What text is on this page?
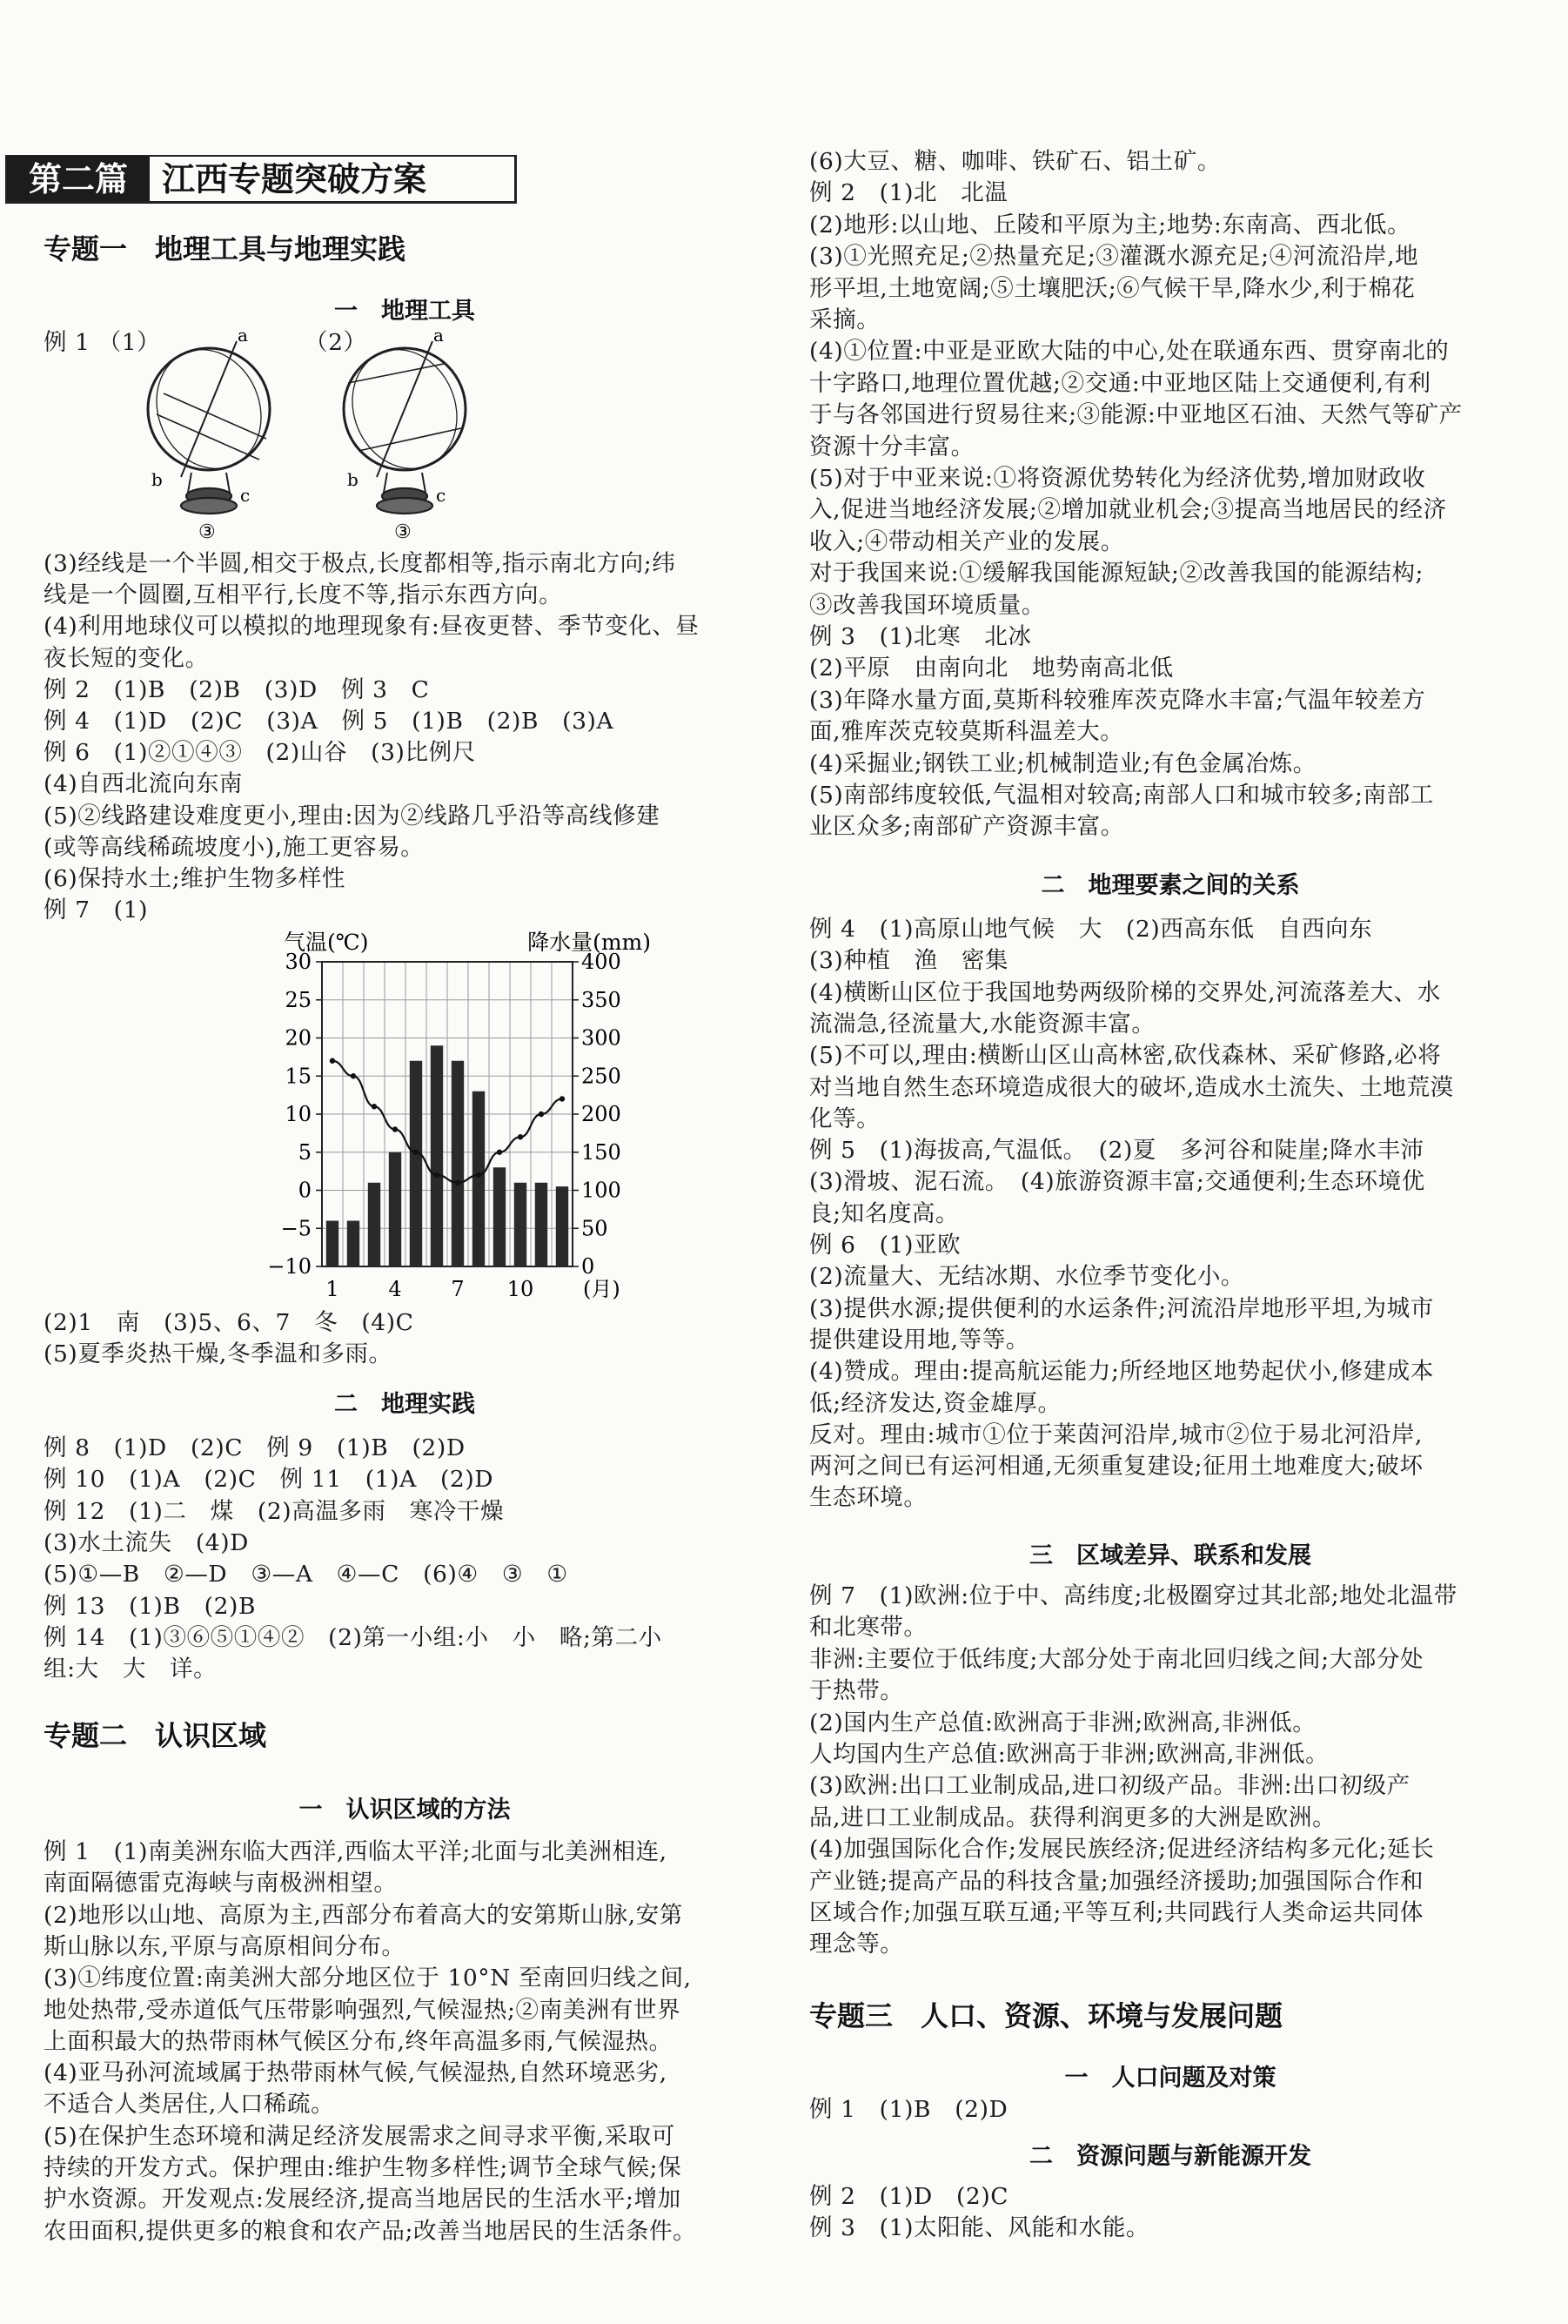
第二篇	江西专题突破方案
专题一　地理工具与地理实践
一　地理工具
例 1 （1）	（2）
a
b
c
③
a
b
c
③
(3)经线是一个半圆,相交于极点,长度都相等,指示南北方向;纬
线是一个圆圈,互相平行,长度不等,指示东西方向。
(4)利用地球仪可以模拟的地理现象有:昼夜更替、季节变化、昼
夜长短的变化。
例 2　(1)B　(2)B　(3)D　例 3　C
例 4　(1)D　(2)C　(3)A　例 5　(1)B　(2)B　(3)A
例 6　(1)②①④③　(2)山谷　(3)比例尺
(4)自西北流向东南
(5)②线路建设难度更小,理由:因为②线路几乎沿等高线修建
(或等高线稀疏坡度小),施工更容易。
(6)保持水土;维护生物多样性
例 7　(1)
30
25
20
15
10
5
0
−5
−10
400
350
300
250
200
150
100
50
0
1 4 7 10 (月)
气温(℃)	降水量(mm)
(2)1　南　(3)5、6、7　冬　(4)C
(5)夏季炎热干燥,冬季温和多雨。
二　地理实践
例 8　(1)D　(2)C　例 9　(1)B　(2)D
例 10　(1)A　(2)C　例 11　(1)A　(2)D
例 12　(1)二　煤　(2)高温多雨　寒冷干燥
(3)水土流失　(4)D
(5)①—B　②—D　③—A　④—C　(6)④　③　①
例 13　(1)B　(2)B
例 14　(1)③⑥⑤①④②　(2)第一小组:小　小　略;第二小
组:大　大　详。
专题二　认识区域
一　认识区域的方法
例 1　(1)南美洲东临大西洋,西临太平洋;北面与北美洲相连,
南面隔德雷克海峡与南极洲相望。
(2)地形以山地、高原为主,西部分布着高大的安第斯山脉,安第
斯山脉以东,平原与高原相间分布。
(3)①纬度位置:南美洲大部分地区位于 10°N 至南回归线之间,
地处热带,受赤道低气压带影响强烈,气候湿热;②南美洲有世界
上面积最大的热带雨林气候区分布,终年高温多雨,气候湿热。
(4)亚马孙河流域属于热带雨林气候,气候湿热,自然环境恶劣,
不适合人类居住,人口稀疏。
(5)在保护生态环境和满足经济发展需求之间寻求平衡,采取可
持续的开发方式。保护理由:维护生物多样性;调节全球气候;保
护水资源。开发观点:发展经济,提高当地居民的生活水平;增加
农田面积,提供更多的粮食和农产品;改善当地居民的生活条件。
(6)大豆、糖、咖啡、铁矿石、铝土矿。
例 2　(1)北　北温
(2)地形:以山地、丘陵和平原为主;地势:东南高、西北低。
(3)①光照充足;②热量充足;③灌溉水源充足;④河流沿岸,地
形平坦,土地宽阔;⑤土壤肥沃;⑥气候干旱,降水少,利于棉花
采摘。
(4)①位置:中亚是亚欧大陆的中心,处在联通东西、贯穿南北的
十字路口,地理位置优越;②交通:中亚地区陆上交通便利,有利
于与各邻国进行贸易往来;③能源:中亚地区石油、天然气等矿产
资源十分丰富。
(5)对于中亚来说:①将资源优势转化为经济优势,增加财政收
入,促进当地经济发展;②增加就业机会;③提高当地居民的经济
收入;④带动相关产业的发展。
对于我国来说:①缓解我国能源短缺;②改善我国的能源结构;
③改善我国环境质量。
例 3　(1)北寒　北冰
(2)平原　由南向北　地势南高北低
(3)年降水量方面,莫斯科较雅库茨克降水丰富;气温年较差方
面,雅库茨克较莫斯科温差大。
(4)采掘业;钢铁工业;机械制造业;有色金属冶炼。
(5)南部纬度较低,气温相对较高;南部人口和城市较多;南部工
业区众多;南部矿产资源丰富。
二　地理要素之间的关系
例 4　(1)高原山地气候　大　(2)西高东低　自西向东
(3)种植　渔　密集
(4)横断山区位于我国地势两级阶梯的交界处,河流落差大、水
流湍急,径流量大,水能资源丰富。
(5)不可以,理由:横断山区山高林密,砍伐森林、采矿修路,必将
对当地自然生态环境造成很大的破坏,造成水土流失、土地荒漠
化等。
例 5　(1)海拔高,气温低。　(2)夏　多河谷和陡崖;降水丰沛
(3)滑坡、泥石流。　(4)旅游资源丰富;交通便利;生态环境优
良;知名度高。
例 6　(1)亚欧
(2)流量大、无结冰期、水位季节变化小。
(3)提供水源;提供便利的水运条件;河流沿岸地形平坦,为城市
提供建设用地,等等。
(4)赞成。理由:提高航运能力;所经地区地势起伏小,修建成本
低;经济发达,资金雄厚。
反对。理由:城市①位于莱茵河沿岸,城市②位于易北河沿岸,
两河之间已有运河相通,无须重复建设;征用土地难度大;破坏
生态环境。
三　区域差异、联系和发展
例 7　(1)欧洲:位于中、高纬度;北极圈穿过其北部;地处北温带
和北寒带。
非洲:主要位于低纬度;大部分处于南北回归线之间;大部分处
于热带。
(2)国内生产总值:欧洲高于非洲;欧洲高,非洲低。
人均国内生产总值:欧洲高于非洲;欧洲高,非洲低。
(3)欧洲:出口工业制成品,进口初级产品。非洲:出口初级产
品,进口工业制成品。获得利润更多的大洲是欧洲。
(4)加强国际化合作;发展民族经济;促进经济结构多元化;延长
产业链;提高产品的科技含量;加强经济援助;加强国际合作和
区域合作;加强互联互通;平等互利;共同践行人类命运共同体
理念等。
专题三　人口、资源、环境与发展问题
一　人口问题及对策
例 1　(1)B　(2)D
二　资源问题与新能源开发
例 2　(1)D　(2)C
例 3　(1)太阳能、风能和水能。
